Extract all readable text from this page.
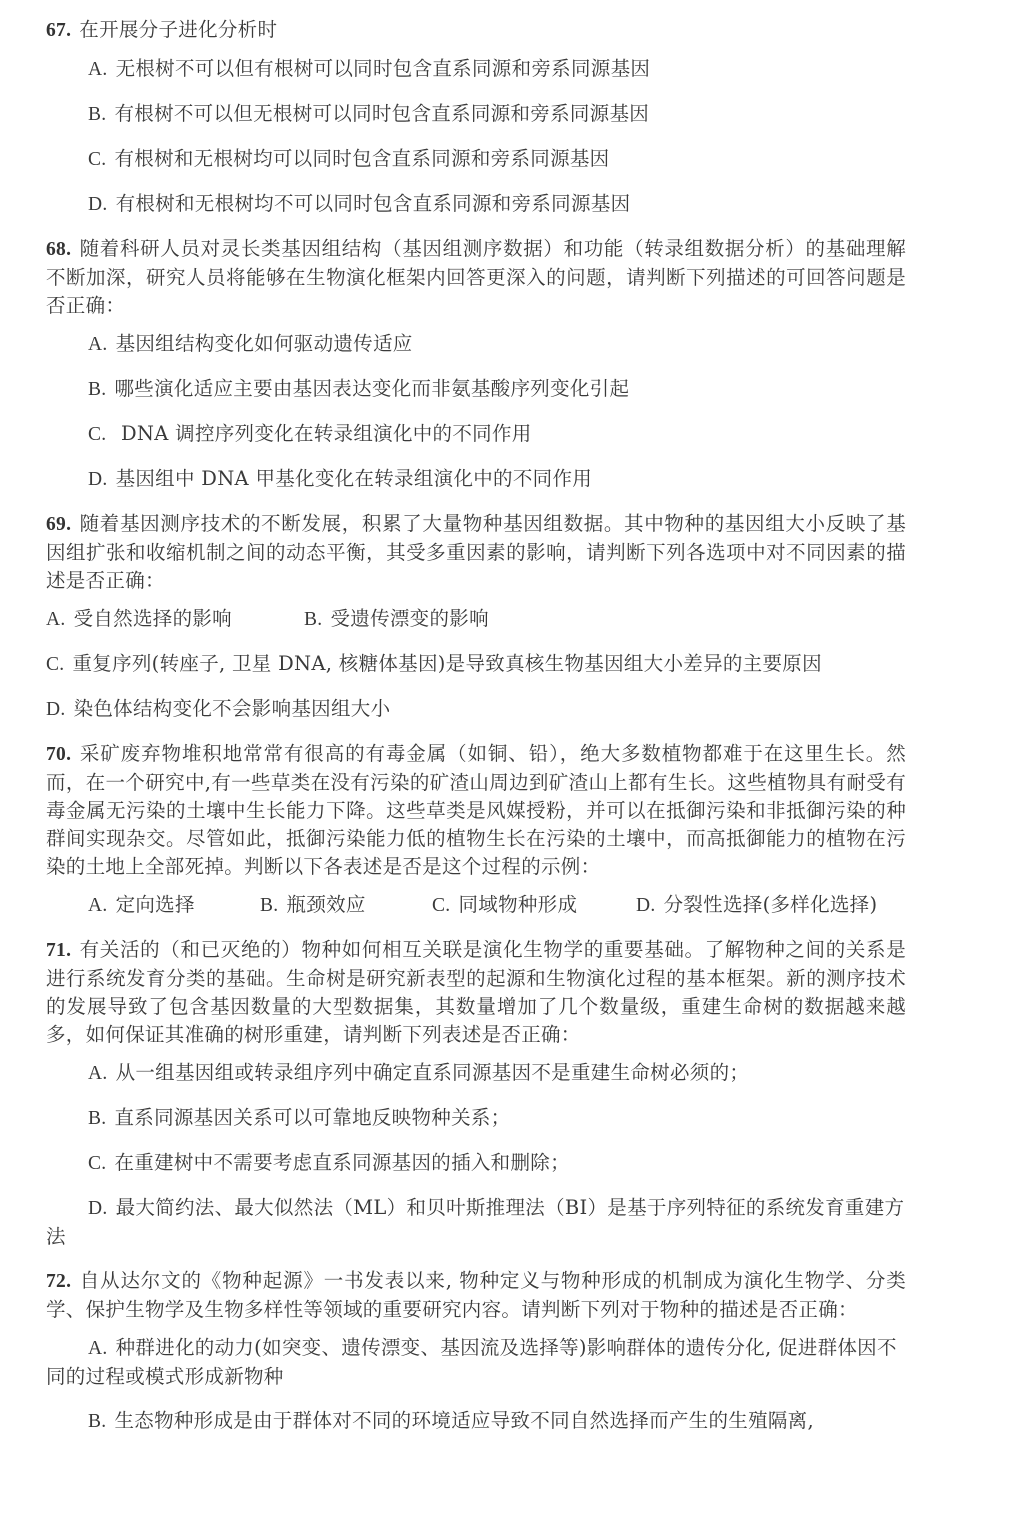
67. 在开展分子进化分析时

A. 无根树不可以但有根树可以同时包含直系同源和旁系同源基因

B. 有根树不可以但无根树可以同时包含直系同源和旁系同源基因

C. 有根树和无根树均可以同时包含直系同源和旁系同源基因

D. 有根树和无根树均不可以同时包含直系同源和旁系同源基因

68. 随着科研人员对灵长类基因组结构（基因组测序数据）和功能（转录组数据分析）的基础理解不断加深，研究人员将能够在生物演化框架内回答更深入的问题，请判断下列描述的可回答问题是否正确：

A. 基因组结构变化如何驱动遗传适应

B. 哪些演化适应主要由基因表达变化而非氨基酸序列变化引起

C. DNA 调控序列变化在转录组演化中的不同作用

D. 基因组中 DNA 甲基化变化在转录组演化中的不同作用

69. 随着基因测序技术的不断发展，积累了大量物种基因组数据。其中物种的基因组大小反映了基因组扩张和收缩机制之间的动态平衡，其受多重因素的影响，请判断下列各选项中对不同因素的描述是否正确：

A. 受自然选择的影响	B. 受遗传漂变的影响

C. 重复序列(转座子, 卫星 DNA, 核糖体基因)是导致真核生物基因组大小差异的主要原因

D. 染色体结构变化不会影响基因组大小

70. 采矿废弃物堆积地常常有很高的有毒金属（如铜、铅），绝大多数植物都难于在这里生长。然而，在一个研究中,有一些草类在没有污染的矿渣山周边到矿渣山上都有生长。这些植物具有耐受有毒金属无污染的土壤中生长能力下降。这些草类是风媒授粉，并可以在抵御污染和非抵御污染的种群间实现杂交。尽管如此，抵御污染能力低的植物生长在污染的土壤中，而高抵御能力的植物在污染的土地上全部死掉。判断以下各表述是否是这个过程的示例：

A. 定向选择	B. 瓶颈效应	C. 同域物种形成	D. 分裂性选择(多样化选择)

71. 有关活的（和已灭绝的）物种如何相互关联是演化生物学的重要基础。了解物种之间的关系是进行系统发育分类的基础。生命树是研究新表型的起源和生物演化过程的基本框架。新的测序技术的发展导致了包含基因数量的大型数据集，其数量增加了几个数量级，重建生命树的数据越来越多，如何保证其准确的树形重建，请判断下列表述是否正确：

A. 从一组基因组或转录组序列中确定直系同源基因不是重建生命树必须的；

B. 直系同源基因关系可以可靠地反映物种关系；

C. 在重建树中不需要考虑直系同源基因的插入和删除；

D. 最大简约法、最大似然法（ML）和贝叶斯推理法（BI）是基于序列特征的系统发育重建方法

72. 自从达尔文的《物种起源》一书发表以来, 物种定义与物种形成的机制成为演化生物学、分类学、保护生物学及生物多样性等领域的重要研究内容。请判断下列对于物种的描述是否正确：

A. 种群进化的动力(如突变、遗传漂变、基因流及选择等)影响群体的遗传分化, 促进群体因不同的过程或模式形成新物种

B. 生态物种形成是由于群体对不同的环境适应导致不同自然选择而产生的生殖隔离,
